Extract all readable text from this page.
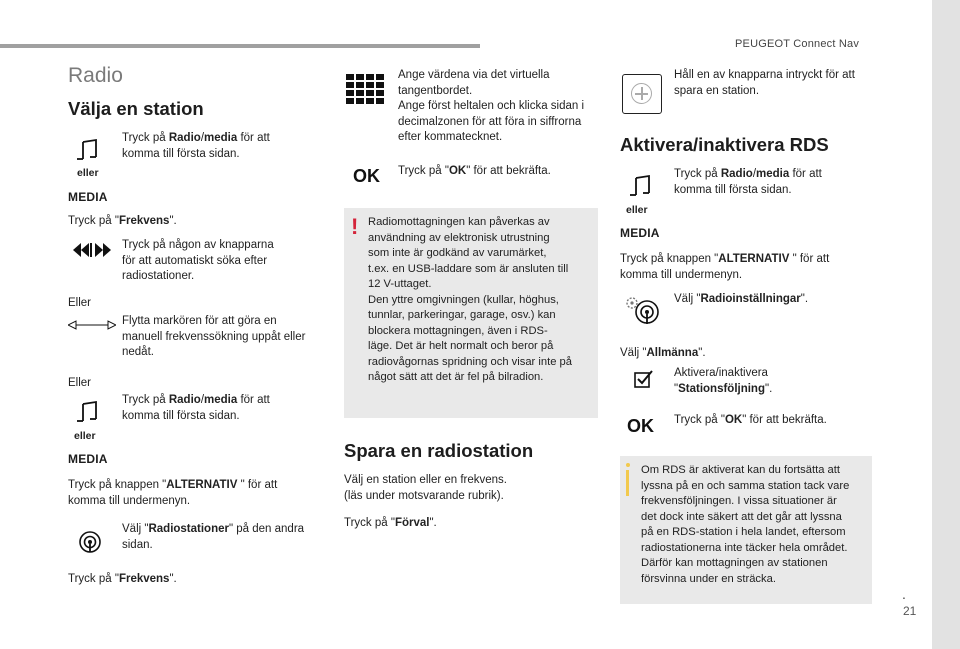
PEUGEOT Connect Nav
.
21
Radio
Välja en station
eller
MEDIA
Tryck på Radio/media för att
komma till första sidan.
Tryck på "Frekvens".
Tryck på någon av knapparna
för att automatiskt söka efter
radiostationer.
Eller
Flytta markören för att göra en
manuell frekvenssökning uppåt eller
nedåt.
Eller
eller
MEDIA
Tryck på Radio/media för att
komma till första sidan.
Tryck på knappen "ALTERNATIV " för att
komma till undermenyn.
Välj "Radiostationer" på den andra
sidan.
Tryck på "Frekvens".
Ange värdena via det virtuella
tangentbordet.
Ange först heltalen och klicka sidan i
decimalzonen för att föra in siffrorna
efter kommatecknet.
OK Tryck på "OK" för att bekräfta.
! Radiomottagningen kan påverkas av
användning av elektronisk utrustning
som inte är godkänd av varumärket,
t.ex. en USB-laddare som är ansluten till
12 V-uttaget.
Den yttre omgivningen (kullar, höghus,
tunnlar, parkeringar, garage, osv.) kan
blockera mottagningen, även i RDS-
läge. Det är helt normalt och beror på
radiovågornas spridning och visar inte på
något sätt att det är fel på bilradion.
Spara en radiostation
Välj en station eller en frekvens.
(läs under motsvarande rubrik).
Tryck på "Förval".
Håll en av knapparna intryckt för att
spara en station.
Aktivera/inaktivera RDS
eller
MEDIA
Tryck på Radio/media för att
komma till första sidan.
Tryck på knappen "ALTERNATIV " för att
komma till undermenyn.
Välj "Radioinställningar".
Välj "Allmänna".
Aktivera/inaktivera
"Stationsföljning".
OK Tryck på "OK" för att bekräfta.
Om RDS är aktiverat kan du fortsätta att
lyssna på en och samma station tack vare
frekvensföljningen. I vissa situationer är
det dock inte säkert att det går att lyssna
på en RDS-station i hela landet, eftersom
radiostationerna inte täcker hela området.
Därför kan mottagningen av stationen
försvinna under en sträcka.
